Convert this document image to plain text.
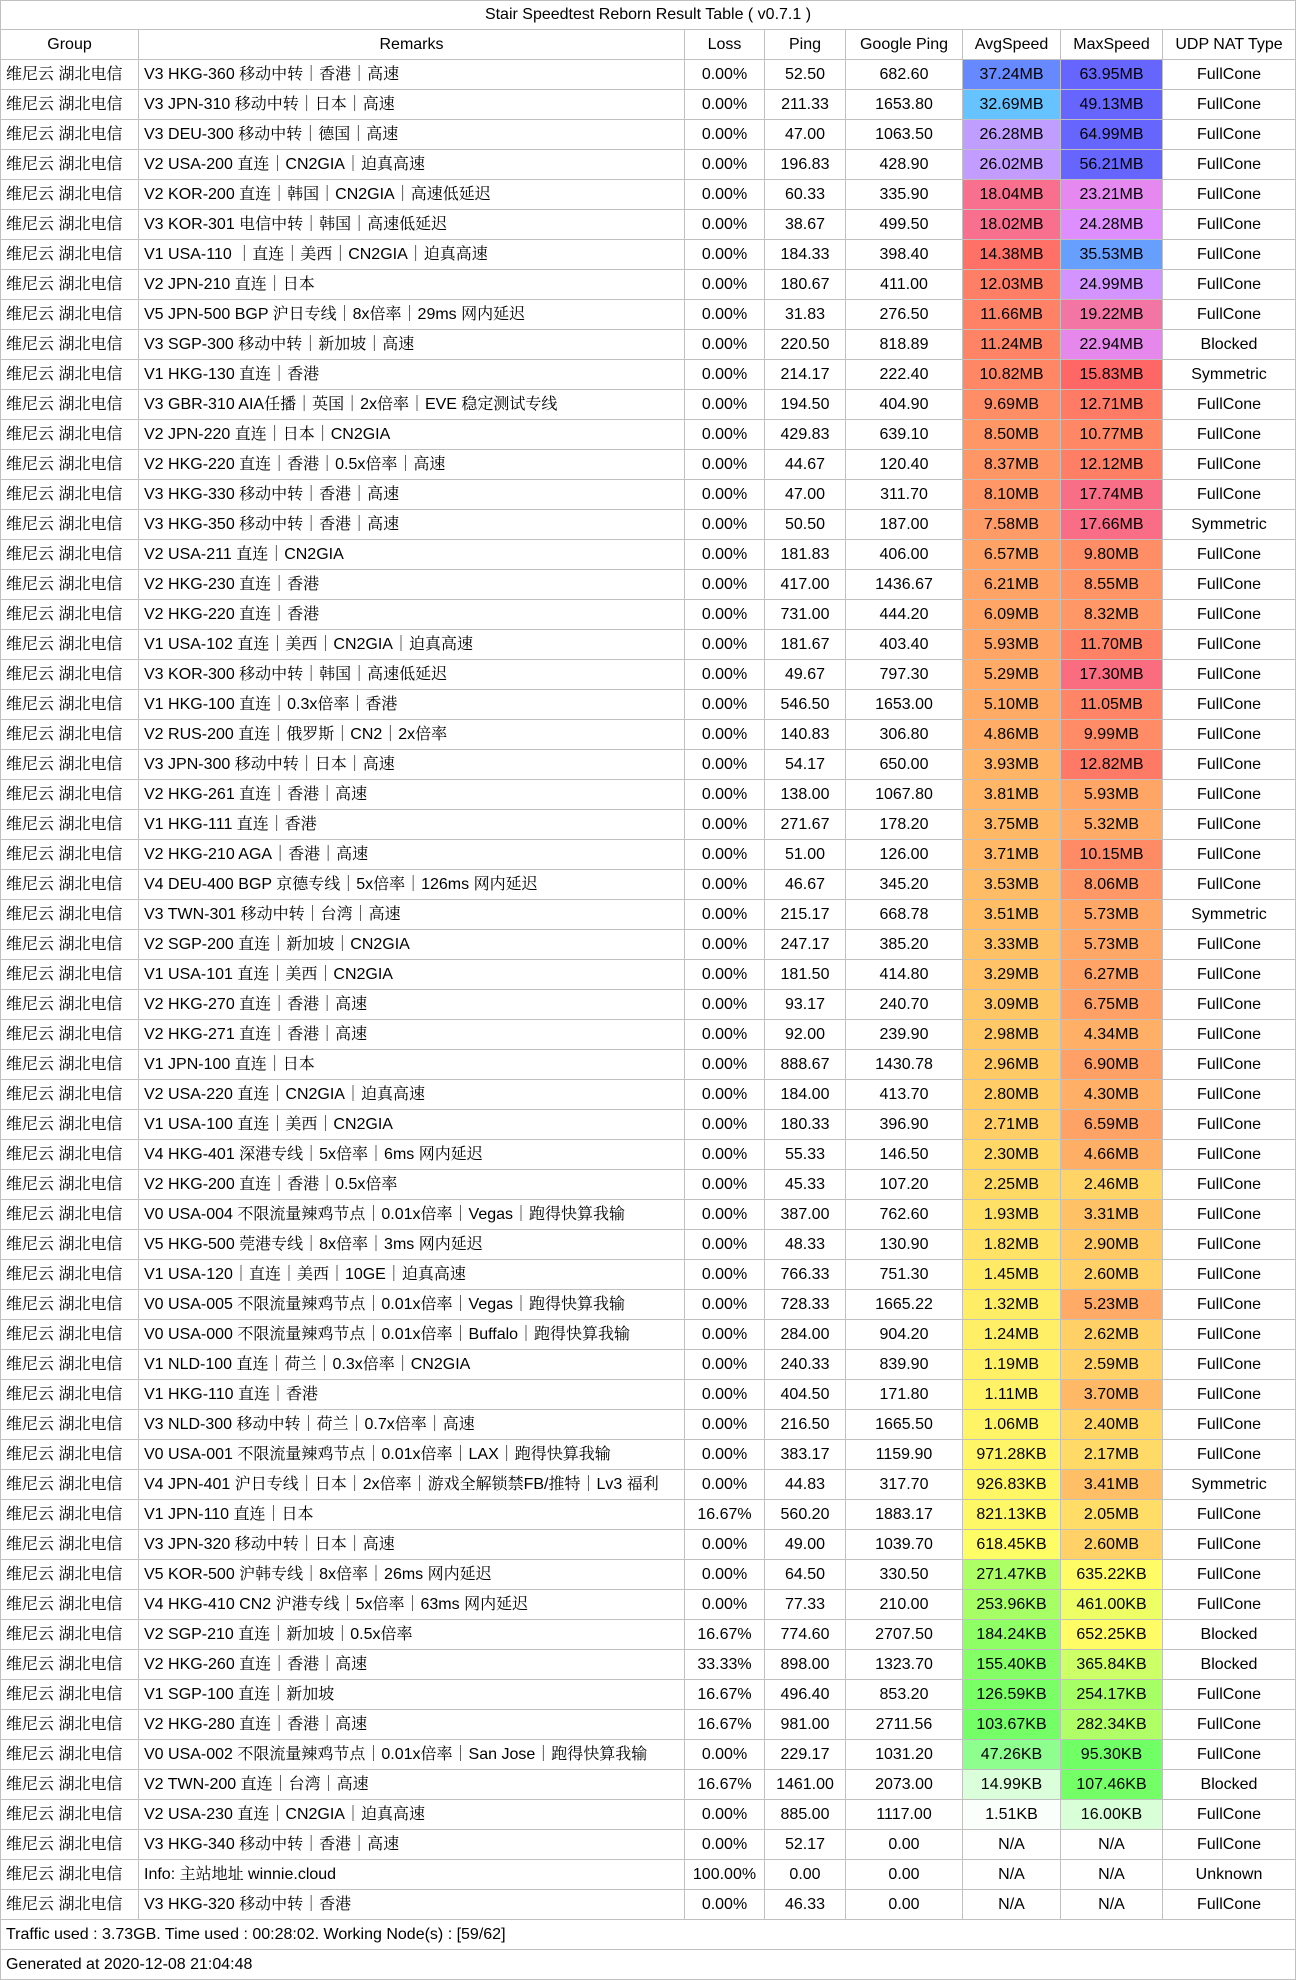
Stair Speedtest Reborn Result Table ( v0.7.1 )
Group	Remarks	Loss	Ping	Google Ping	AvgSpeed	MaxSpeed	UDP NAT Type
维尼云 湖北电信	V3 HKG-360 移动中转｜香港｜高速	0.00%	52.50	682.60	37.24MB	63.95MB	FullCone
维尼云 湖北电信	V3 JPN-310 移动中转｜日本｜高速	0.00%	211.33	1653.80	32.69MB	49.13MB	FullCone
维尼云 湖北电信	V3 DEU-300 移动中转｜德国｜高速	0.00%	47.00	1063.50	26.28MB	64.99MB	FullCone
维尼云 湖北电信	V2 USA-200 直连｜CN2GIA｜迫真高速	0.00%	196.83	428.90	26.02MB	56.21MB	FullCone
维尼云 湖北电信	V2 KOR-200 直连｜韩国｜CN2GIA｜高速低延迟	0.00%	60.33	335.90	18.04MB	23.21MB	FullCone
维尼云 湖北电信	V3 KOR-301 电信中转｜韩国｜高速低延迟	0.00%	38.67	499.50	18.02MB	24.28MB	FullCone
维尼云 湖北电信	V1 USA-110 ｜直连｜美西｜CN2GIA｜迫真高速	0.00%	184.33	398.40	14.38MB	35.53MB	FullCone
维尼云 湖北电信	V2 JPN-210 直连｜日本	0.00%	180.67	411.00	12.03MB	24.99MB	FullCone
维尼云 湖北电信	V5 JPN-500 BGP 沪日专线｜8x倍率｜29ms 网内延迟	0.00%	31.83	276.50	11.66MB	19.22MB	FullCone
维尼云 湖北电信	V3 SGP-300 移动中转｜新加坡｜高速	0.00%	220.50	818.89	11.24MB	22.94MB	Blocked
维尼云 湖北电信	V1 HKG-130 直连｜香港	0.00%	214.17	222.40	10.82MB	15.83MB	Symmetric
维尼云 湖北电信	V3 GBR-310 AIA任播｜英国｜2x倍率｜EVE 稳定测试专线	0.00%	194.50	404.90	9.69MB	12.71MB	FullCone
维尼云 湖北电信	V2 JPN-220 直连｜日本｜CN2GIA	0.00%	429.83	639.10	8.50MB	10.77MB	FullCone
维尼云 湖北电信	V2 HKG-220 直连｜香港｜0.5x倍率｜高速	0.00%	44.67	120.40	8.37MB	12.12MB	FullCone
维尼云 湖北电信	V3 HKG-330 移动中转｜香港｜高速	0.00%	47.00	311.70	8.10MB	17.74MB	FullCone
维尼云 湖北电信	V3 HKG-350 移动中转｜香港｜高速	0.00%	50.50	187.00	7.58MB	17.66MB	Symmetric
维尼云 湖北电信	V2 USA-211 直连｜CN2GIA	0.00%	181.83	406.00	6.57MB	9.80MB	FullCone
维尼云 湖北电信	V2 HKG-230 直连｜香港	0.00%	417.00	1436.67	6.21MB	8.55MB	FullCone
维尼云 湖北电信	V2 HKG-220 直连｜香港	0.00%	731.00	444.20	6.09MB	8.32MB	FullCone
维尼云 湖北电信	V1 USA-102 直连｜美西｜CN2GIA｜迫真高速	0.00%	181.67	403.40	5.93MB	11.70MB	FullCone
维尼云 湖北电信	V3 KOR-300 移动中转｜韩国｜高速低延迟	0.00%	49.67	797.30	5.29MB	17.30MB	FullCone
维尼云 湖北电信	V1 HKG-100 直连｜0.3x倍率｜香港	0.00%	546.50	1653.00	5.10MB	11.05MB	FullCone
维尼云 湖北电信	V2 RUS-200 直连｜俄罗斯｜CN2｜2x倍率	0.00%	140.83	306.80	4.86MB	9.99MB	FullCone
维尼云 湖北电信	V3 JPN-300 移动中转｜日本｜高速	0.00%	54.17	650.00	3.93MB	12.82MB	FullCone
维尼云 湖北电信	V2 HKG-261 直连｜香港｜高速	0.00%	138.00	1067.80	3.81MB	5.93MB	FullCone
维尼云 湖北电信	V1 HKG-111 直连｜香港	0.00%	271.67	178.20	3.75MB	5.32MB	FullCone
维尼云 湖北电信	V2 HKG-210 AGA｜香港｜高速	0.00%	51.00	126.00	3.71MB	10.15MB	FullCone
维尼云 湖北电信	V4 DEU-400 BGP 京德专线｜5x倍率｜126ms 网内延迟	0.00%	46.67	345.20	3.53MB	8.06MB	FullCone
维尼云 湖北电信	V3 TWN-301 移动中转｜台湾｜高速	0.00%	215.17	668.78	3.51MB	5.73MB	Symmetric
维尼云 湖北电信	V2 SGP-200 直连｜新加坡｜CN2GIA	0.00%	247.17	385.20	3.33MB	5.73MB	FullCone
维尼云 湖北电信	V1 USA-101 直连｜美西｜CN2GIA	0.00%	181.50	414.80	3.29MB	6.27MB	FullCone
维尼云 湖北电信	V2 HKG-270 直连｜香港｜高速	0.00%	93.17	240.70	3.09MB	6.75MB	FullCone
维尼云 湖北电信	V2 HKG-271 直连｜香港｜高速	0.00%	92.00	239.90	2.98MB	4.34MB	FullCone
维尼云 湖北电信	V1 JPN-100 直连｜日本	0.00%	888.67	1430.78	2.96MB	6.90MB	FullCone
维尼云 湖北电信	V2 USA-220 直连｜CN2GIA｜迫真高速	0.00%	184.00	413.70	2.80MB	4.30MB	FullCone
维尼云 湖北电信	V1 USA-100 直连｜美西｜CN2GIA	0.00%	180.33	396.90	2.71MB	6.59MB	FullCone
维尼云 湖北电信	V4 HKG-401 深港专线｜5x倍率｜6ms 网内延迟	0.00%	55.33	146.50	2.30MB	4.66MB	FullCone
维尼云 湖北电信	V2 HKG-200 直连｜香港｜0.5x倍率	0.00%	45.33	107.20	2.25MB	2.46MB	FullCone
维尼云 湖北电信	V0 USA-004 不限流量辣鸡节点｜0.01x倍率｜Vegas｜跑得快算我输	0.00%	387.00	762.60	1.93MB	3.31MB	FullCone
维尼云 湖北电信	V5 HKG-500 莞港专线｜8x倍率｜3ms 网内延迟	0.00%	48.33	130.90	1.82MB	2.90MB	FullCone
维尼云 湖北电信	V1 USA-120｜直连｜美西｜10GE｜迫真高速	0.00%	766.33	751.30	1.45MB	2.60MB	FullCone
维尼云 湖北电信	V0 USA-005 不限流量辣鸡节点｜0.01x倍率｜Vegas｜跑得快算我输	0.00%	728.33	1665.22	1.32MB	5.23MB	FullCone
维尼云 湖北电信	V0 USA-000 不限流量辣鸡节点｜0.01x倍率｜Buffalo｜跑得快算我输	0.00%	284.00	904.20	1.24MB	2.62MB	FullCone
维尼云 湖北电信	V1 NLD-100 直连｜荷兰｜0.3x倍率｜CN2GIA	0.00%	240.33	839.90	1.19MB	2.59MB	FullCone
维尼云 湖北电信	V1 HKG-110 直连｜香港	0.00%	404.50	171.80	1.11MB	3.70MB	FullCone
维尼云 湖北电信	V3 NLD-300 移动中转｜荷兰｜0.7x倍率｜高速	0.00%	216.50	1665.50	1.06MB	2.40MB	FullCone
维尼云 湖北电信	V0 USA-001 不限流量辣鸡节点｜0.01x倍率｜LAX｜跑得快算我输	0.00%	383.17	1159.90	971.28KB	2.17MB	FullCone
维尼云 湖北电信	V4 JPN-401 沪日专线｜日本｜2x倍率｜游戏全解锁禁FB/推特｜Lv3 福利	0.00%	44.83	317.70	926.83KB	3.41MB	Symmetric
维尼云 湖北电信	V1 JPN-110 直连｜日本	16.67%	560.20	1883.17	821.13KB	2.05MB	FullCone
维尼云 湖北电信	V3 JPN-320 移动中转｜日本｜高速	0.00%	49.00	1039.70	618.45KB	2.60MB	FullCone
维尼云 湖北电信	V5 KOR-500 沪韩专线｜8x倍率｜26ms 网内延迟	0.00%	64.50	330.50	271.47KB	635.22KB	FullCone
维尼云 湖北电信	V4 HKG-410 CN2 沪港专线｜5x倍率｜63ms 网内延迟	0.00%	77.33	210.00	253.96KB	461.00KB	FullCone
维尼云 湖北电信	V2 SGP-210 直连｜新加坡｜0.5x倍率	16.67%	774.60	2707.50	184.24KB	652.25KB	Blocked
维尼云 湖北电信	V2 HKG-260 直连｜香港｜高速	33.33%	898.00	1323.70	155.40KB	365.84KB	Blocked
维尼云 湖北电信	V1 SGP-100 直连｜新加坡	16.67%	496.40	853.20	126.59KB	254.17KB	FullCone
维尼云 湖北电信	V2 HKG-280 直连｜香港｜高速	16.67%	981.00	2711.56	103.67KB	282.34KB	FullCone
维尼云 湖北电信	V0 USA-002 不限流量辣鸡节点｜0.01x倍率｜San Jose｜跑得快算我输	0.00%	229.17	1031.20	47.26KB	95.30KB	FullCone
维尼云 湖北电信	V2 TWN-200 直连｜台湾｜高速	16.67%	1461.00	2073.00	14.99KB	107.46KB	Blocked
维尼云 湖北电信	V2 USA-230 直连｜CN2GIA｜迫真高速	0.00%	885.00	1117.00	1.51KB	16.00KB	FullCone
维尼云 湖北电信	V3 HKG-340 移动中转｜香港｜高速	0.00%	52.17	0.00	N/A	N/A	FullCone
维尼云 湖北电信	Info: 主站地址 winnie.cloud	100.00%	0.00	0.00	N/A	N/A	Unknown
维尼云 湖北电信	V3 HKG-320 移动中转｜香港	0.00%	46.33	0.00	N/A	N/A	FullCone
Traffic used : 3.73GB. Time used : 00:28:02. Working Node(s) : [59/62]
Generated at 2020-12-08 21:04:48
